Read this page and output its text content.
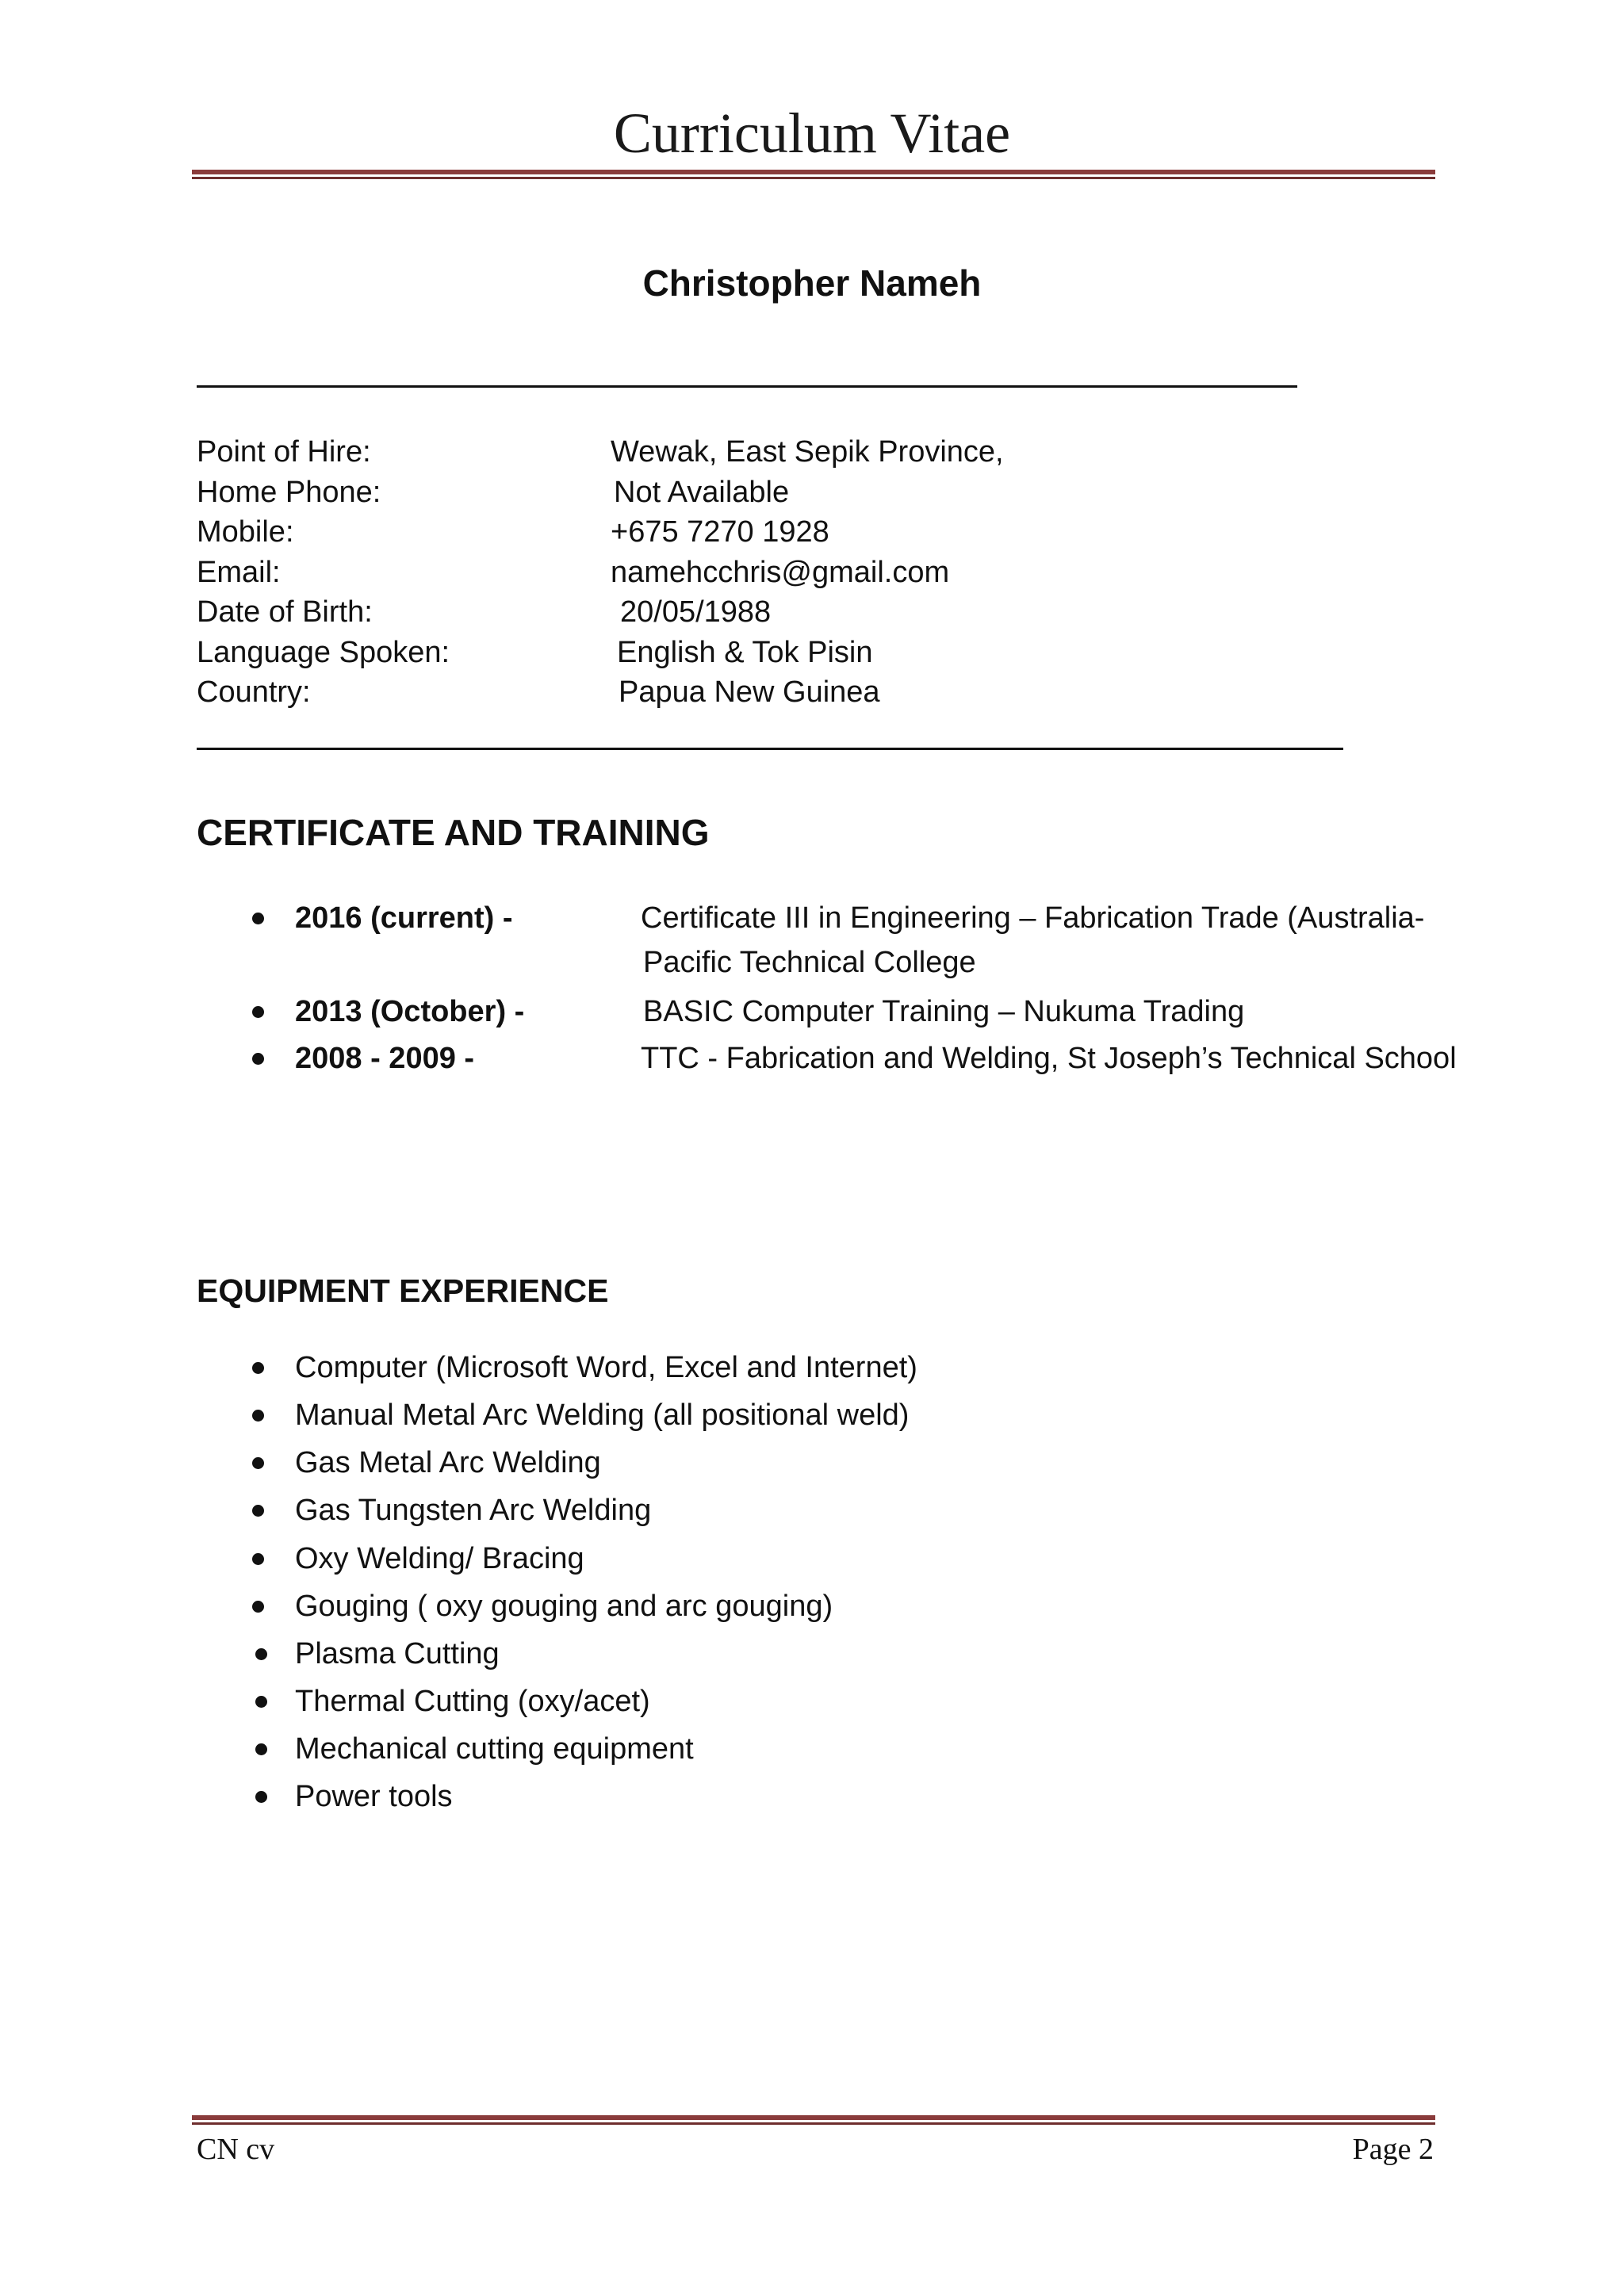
Curriculum Vitae
Christopher Nameh
Point of Hire:	Wewak, East Sepik Province,
Home Phone:	Not Available
Mobile:	+675 7270 1928
Email:	namehcchris@gmail.com
Date of Birth:	20/05/1988
Language Spoken:	English & Tok Pisin
Country:	Papua New Guinea
CERTIFICATE AND TRAINING
2016 (current) -	Certificate III in Engineering – Fabrication Trade (Australia-
Pacific Technical College
2013 (October) -	BASIC Computer Training – Nukuma Trading
2008 - 2009 -	TTC - Fabrication and Welding, St Joseph’s Technical School
EQUIPMENT EXPERIENCE
Computer (Microsoft Word, Excel and Internet)
Manual Metal Arc Welding (all positional weld)
Gas Metal Arc Welding
Gas Tungsten Arc Welding
Oxy Welding/ Bracing
Gouging ( oxy gouging and arc gouging)
Plasma Cutting
Thermal Cutting (oxy/acet)
Mechanical cutting equipment
Power tools
CN cv	Page 2
